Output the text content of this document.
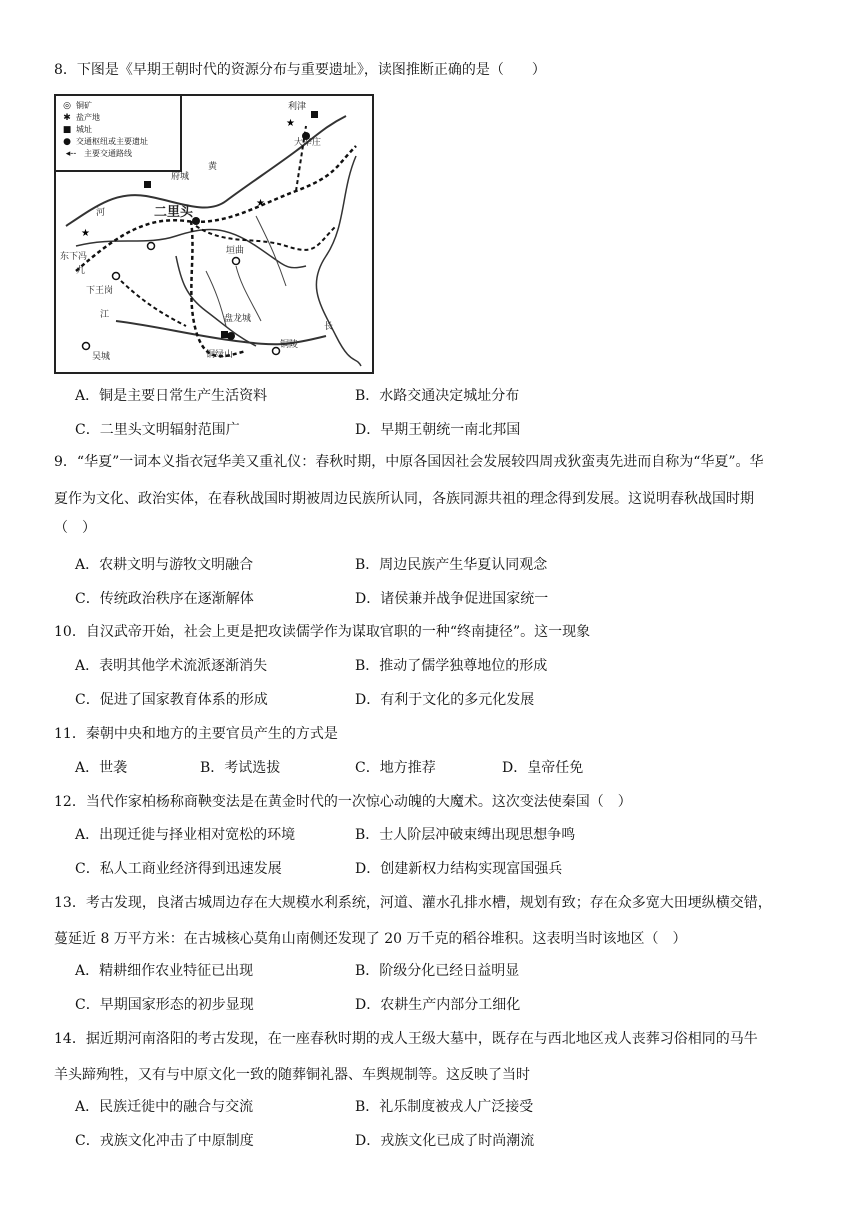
8．下图是《早期王朝时代的资源分布与重要遗址》，读图推断正确的是（　　）
★
★
★
◎ 铜矿
✱ 盐产地
■ 城址
● 交通枢纽或主要遗址
◂-- 主要交通路线
利津
大辛庄
府城
二里头
东下冯
垣曲
下王岗
盘龙城
铜陵
吴城	铜绿山
九
江
河
长
黄
A．铜是主要日常生产生活资料	B．水路交通决定城址分布
C．二里头文明辐射范围广	D．早期王朝统一南北邦国
9．“华夏”一词本义指衣冠华美又重礼仪：春秋时期，中原各国因社会发展较四周戎狄蛮夷先进而自称为“华夏”。华
夏作为文化、政治实体，在春秋战国时期被周边民族所认同，各族同源共祖的理念得到发展。这说明春秋战国时期
（　）
A．农耕文明与游牧文明融合	B．周边民族产生华夏认同观念
C．传统政治秩序在逐渐解体	D．诸侯兼并战争促进国家统一
10．自汉武帝开始，社会上更是把攻读儒学作为谋取官职的一种“终南捷径”。这一现象
A．表明其他学术流派逐渐消失	B．推动了儒学独尊地位的形成
C．促进了国家教育体系的形成	D．有利于文化的多元化发展
11．秦朝中央和地方的主要官员产生的方式是
A．世袭	B．考试选拔	C．地方推荐	D．皇帝任免
12．当代作家柏杨称商鞅变法是在黄金时代的一次惊心动魄的大魔术。这次变法使秦国（　）
A．出现迁徙与择业相对宽松的环境	B．士人阶层冲破束缚出现思想争鸣
C．私人工商业经济得到迅速发展	D．创建新权力结构实现富国强兵
13．考古发现，良渚古城周边存在大规模水利系统，河道、灌水孔排水槽，规划有致；存在众多宽大田埂纵横交错，
蔓延近 8 万平方米：在古城核心莫角山南侧还发现了 20 万千克的稻谷堆积。这表明当时该地区（　）
A．精耕细作农业特征已出现	B．阶级分化已经日益明显
C．早期国家形态的初步显现	D．农耕生产内部分工细化
14．据近期河南洛阳的考古发现，在一座春秋时期的戎人王级大墓中，既存在与西北地区戎人丧葬习俗相同的马牛
羊头蹄殉牲，又有与中原文化一致的随葬铜礼器、车舆规制等。这反映了当时
A．民族迁徙中的融合与交流	B．礼乐制度被戎人广泛接受
C．戎族文化冲击了中原制度	D．戎族文化已成了时尚潮流
